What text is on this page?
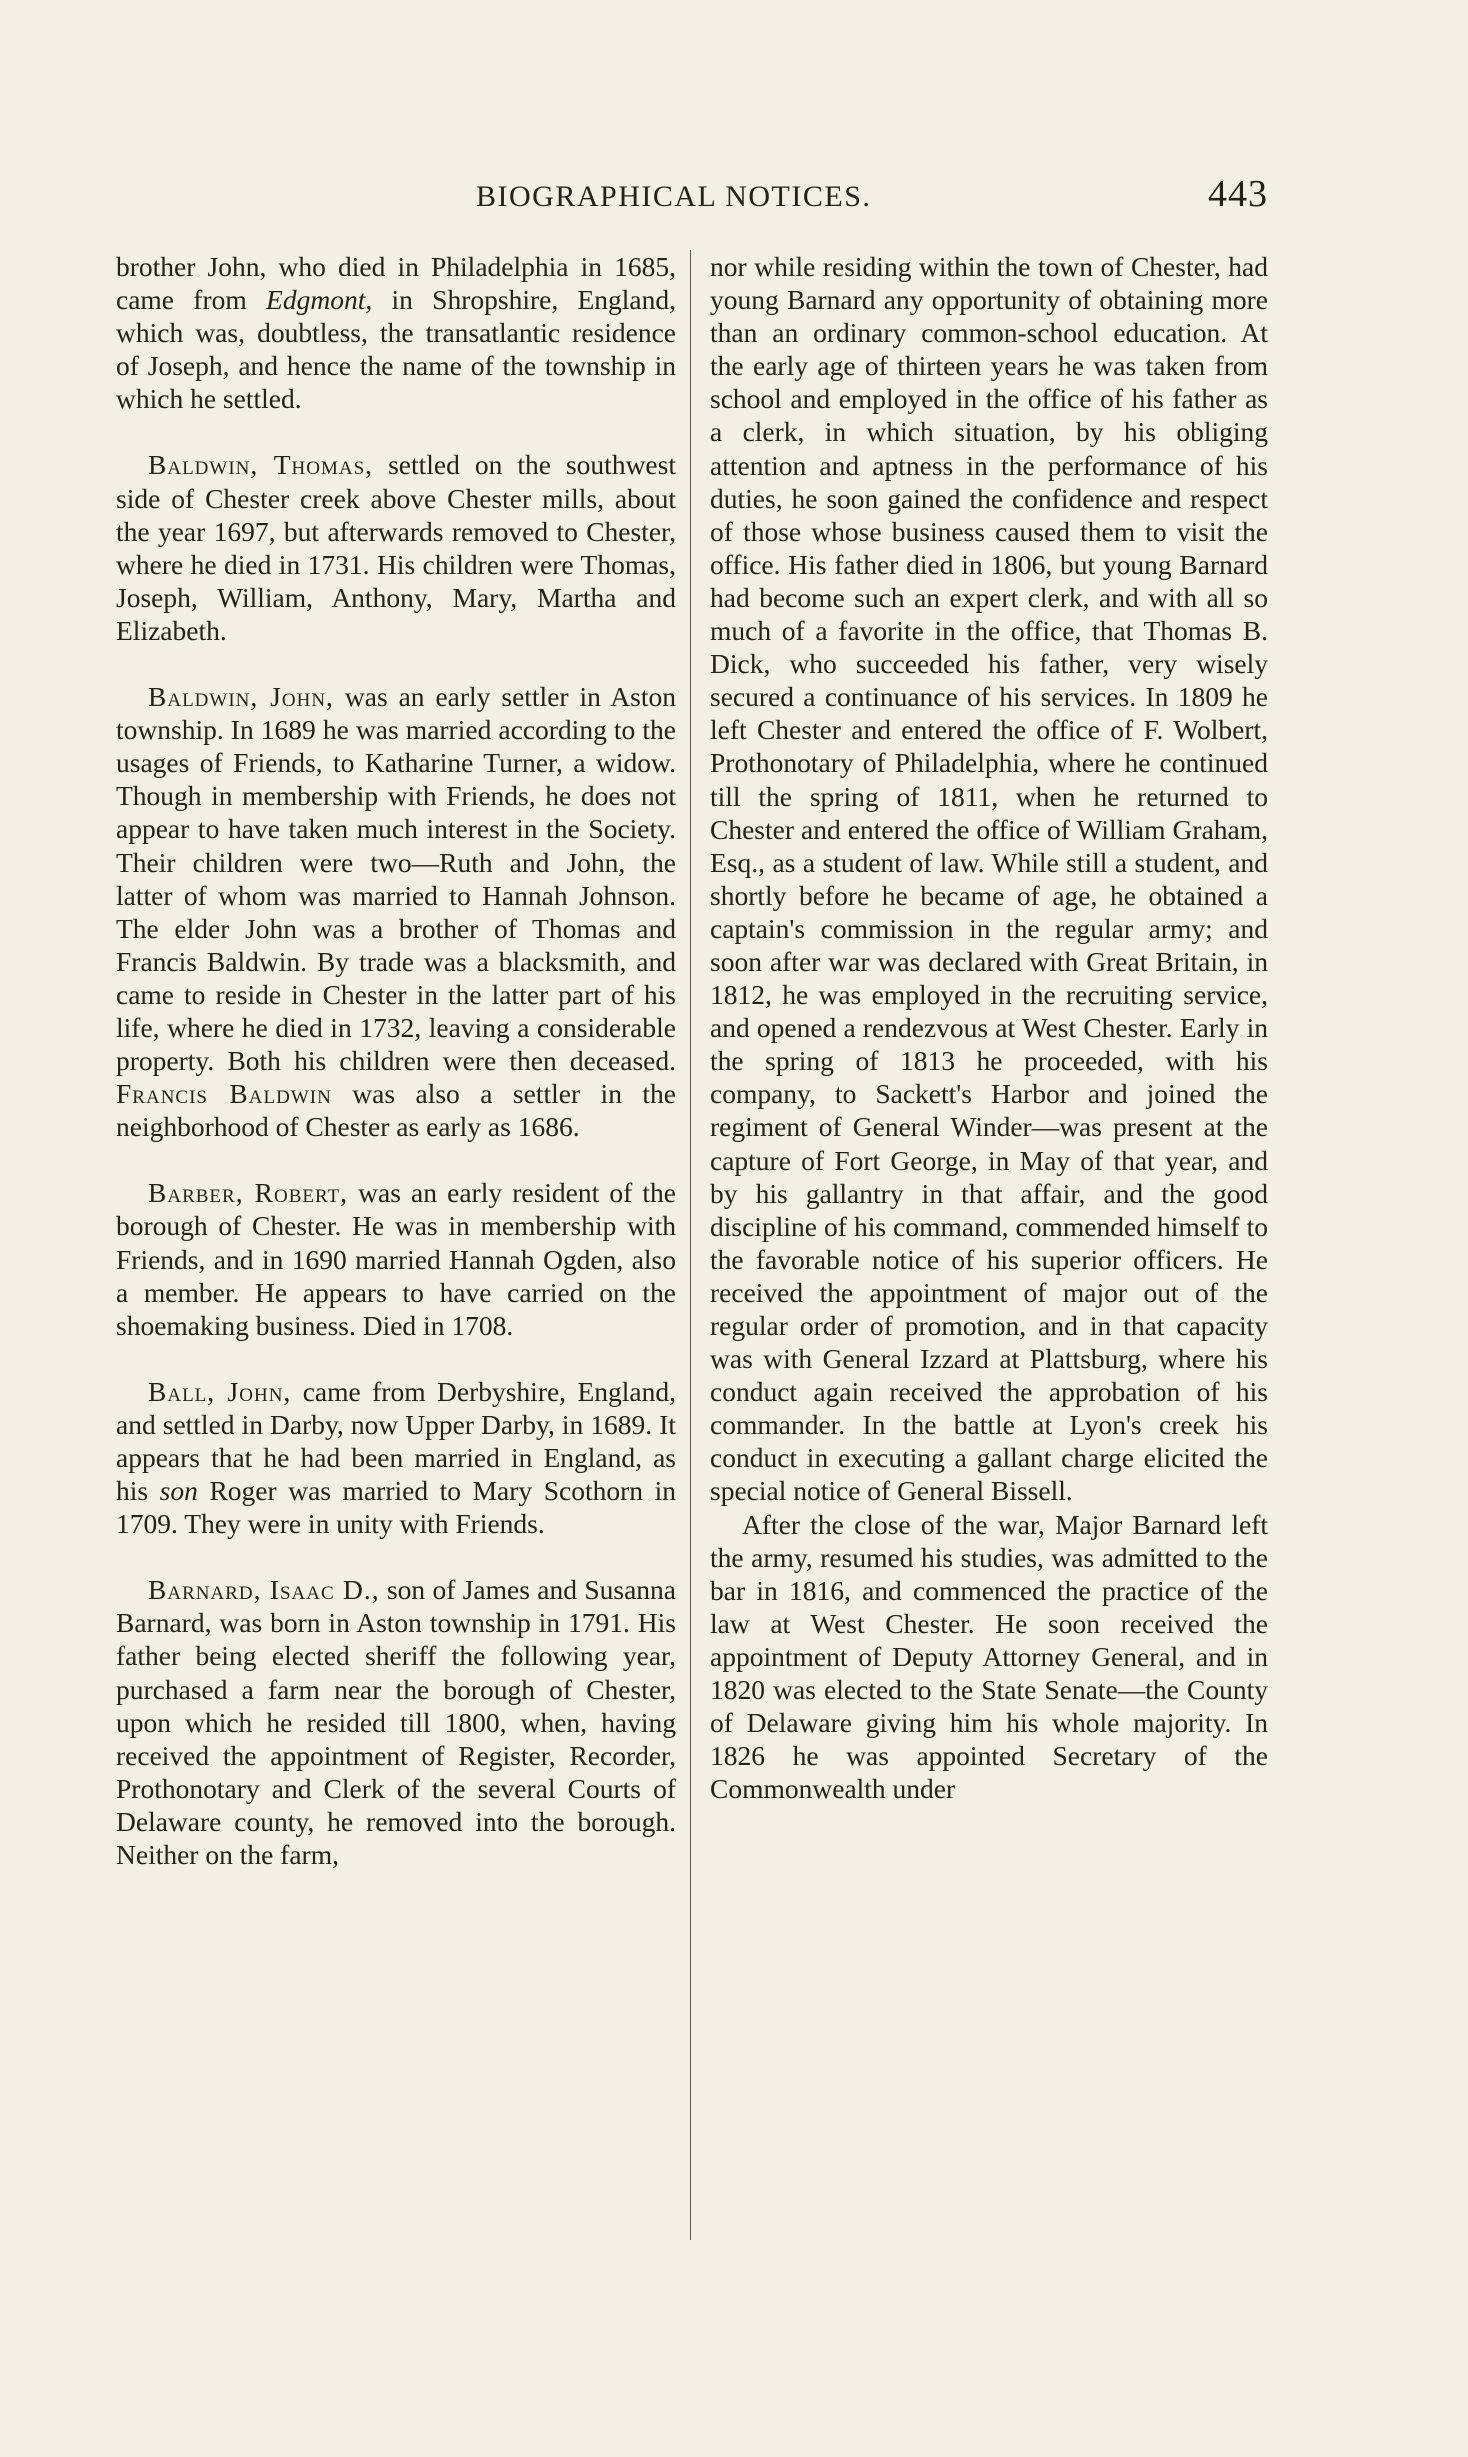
BIOGRAPHICAL NOTICES.	443

brother John, who died in Philadelphia in 1685, came from Edgmont, in Shropshire, England, which was, doubtless, the transatlantic residence of Joseph, and hence the name of the township in which he settled.

Baldwin, Thomas, settled on the southwest side of Chester creek above Chester mills, about the year 1697, but afterwards removed to Chester, where he died in 1731. His children were Thomas, Joseph, William, Anthony, Mary, Martha and Elizabeth.

Baldwin, John, was an early settler in Aston township. In 1689 he was married according to the usages of Friends, to Katharine Turner, a widow. Though in membership with Friends, he does not appear to have taken much interest in the Society. Their children were two—Ruth and John, the latter of whom was married to Hannah Johnson. The elder John was a brother of Thomas and Francis Baldwin. By trade was a blacksmith, and came to reside in Chester in the latter part of his life, where he died in 1732, leaving a considerable property. Both his children were then deceased. Francis Baldwin was also a settler in the neighborhood of Chester as early as 1686.

Barber, Robert, was an early resident of the borough of Chester. He was in membership with Friends, and in 1690 married Hannah Ogden, also a member. He appears to have carried on the shoemaking business. Died in 1708.

Ball, John, came from Derbyshire, England, and settled in Darby, now Upper Darby, in 1689. It appears that he had been married in England, as his son Roger was married to Mary Scothorn in 1709. They were in unity with Friends.

Barnard, Isaac D., son of James and Susanna Barnard, was born in Aston township in 1791. His father being elected sheriff the following year, purchased a farm near the borough of Chester, upon which he resided till 1800, when, having received the appointment of Register, Recorder, Prothonotary and Clerk of the several Courts of Delaware county, he removed into the borough. Neither on the farm,

nor while residing within the town of Chester, had young Barnard any opportunity of obtaining more than an ordinary common-school education. At the early age of thirteen years he was taken from school and employed in the office of his father as a clerk, in which situation, by his obliging attention and aptness in the performance of his duties, he soon gained the confidence and respect of those whose business caused them to visit the office. His father died in 1806, but young Barnard had become such an expert clerk, and with all so much of a favorite in the office, that Thomas B. Dick, who succeeded his father, very wisely secured a continuance of his services. In 1809 he left Chester and entered the office of F. Wolbert, Prothonotary of Philadelphia, where he continued till the spring of 1811, when he returned to Chester and entered the office of William Graham, Esq., as a student of law. While still a student, and shortly before he became of age, he obtained a captain's commission in the regular army; and soon after war was declared with Great Britain, in 1812, he was employed in the recruiting service, and opened a rendezvous at West Chester. Early in the spring of 1813 he proceeded, with his company, to Sackett's Harbor and joined the regiment of General Winder—was present at the capture of Fort George, in May of that year, and by his gallantry in that affair, and the good discipline of his command, commended himself to the favorable notice of his superior officers. He received the appointment of major out of the regular order of promotion, and in that capacity was with General Izzard at Plattsburg, where his conduct again received the approbation of his commander. In the battle at Lyon's creek his conduct in executing a gallant charge elicited the special notice of General Bissell.

After the close of the war, Major Barnard left the army, resumed his studies, was admitted to the bar in 1816, and commenced the practice of the law at West Chester. He soon received the appointment of Deputy Attorney General, and in 1820 was elected to the State Senate—the County of Delaware giving him his whole majority. In 1826 he was appointed Secretary of the Commonwealth under
